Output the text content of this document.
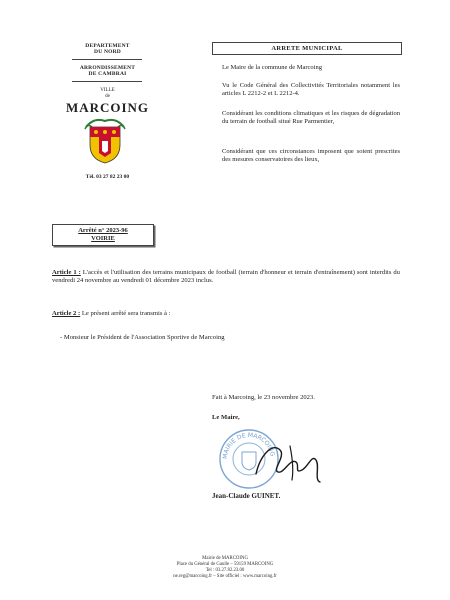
DEPARTEMENT
DU NORD
ARRONDISSEMENT
DE CAMBRAI
VILLE
de
MARCOING
Tél. 03 27 82 23 00
ARRETE MUNICIPAL
Le Maire de la commune de Marcoing
Vu le Code Général des Collectivités Territoriales notamment les articles L 2212-2 et L 2212-4.
Considérant les conditions climatiques et les risques de dégradation du terrain de football situé Rue Parmentier,
Considérant que ces circonstances imposent que soient prescrites des mesures conservatoires des lieux,
Arrêté n° 2023-96
VOIRIE
Article 1 : L'accès et l'utilisation des terrains municipaux de football (terrain d'honneur et terrain d'entraînement) sont interdits du vendredi 24 novembre au vendredi 01 décembre 2023 inclus.
Article 2 : Le présent arrêté sera transmis à :
- Monsieur le Président de l'Association Sportive de Marcoing
Fait à Marcoing, le 23 novembre 2023.
Le Maire,
MAIRIE DE MARCOING
Jean-Claude GUINET.
Mairie de MARCOING
Place du Général de Gaulle – 59159 MARCOING
Tel : 03.27.82.23.00
ne.reg@marcoing.fr – Site officiel : www.marcoing.fr
